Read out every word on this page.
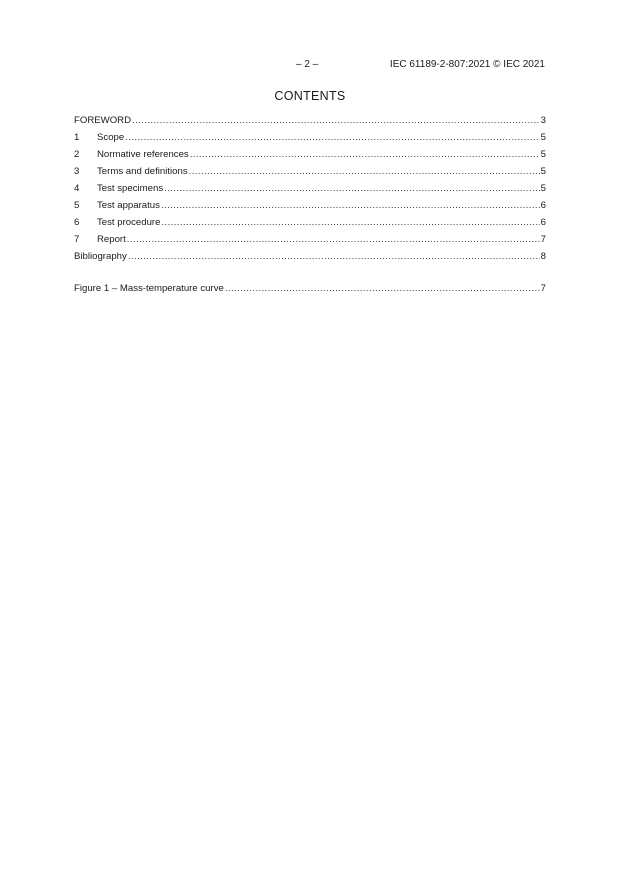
– 2 –	IEC 61189-2-807:2021 © IEC 2021
CONTENTS
FOREWORD .....	3
1	Scope .....	5
2	Normative references .....	5
3	Terms and definitions .....	5
4	Test specimens .....	5
5	Test apparatus .....	6
6	Test procedure .....	6
7	Report .....	7
Bibliography .....	8
Figure 1 – Mass-temperature curve .....	7
